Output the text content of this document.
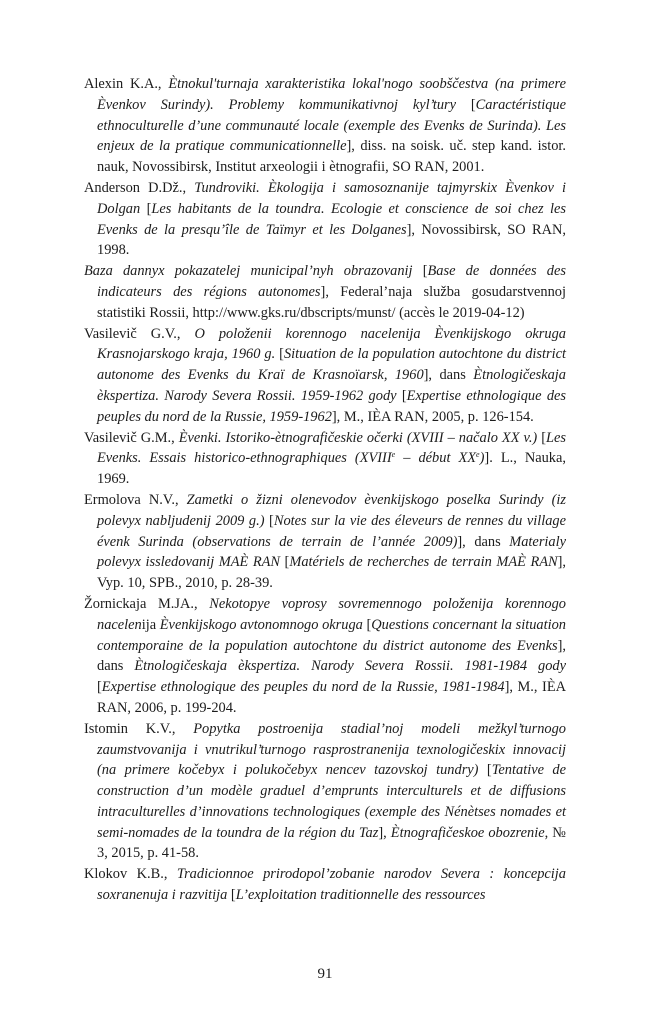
Alexin K.A., Ètnokul'turnaja xarakteristika lokal'nogo soobščestva (na primere Èvenkov Surindy). Problemy kommunikativnoj kyl’tury [Caractéristique ethnoculturelle d’une communauté locale (exemple des Evenks de Surinda). Les enjeux de la pratique communicationnelle], diss. na soisk. uč. step kand. istor. nauk, Novossibirsk, Institut arxeologii i ètnografii, SO RAN, 2001.

Anderson D.Dž., Tundroviki. Èkologija i samosoznanije tajmyrskix Èvenkov i Dolgan [Les habitants de la toundra. Ecologie et conscience de soi chez les Evenks de la presqu’île de Taïmyr et les Dolganes], Novossibirsk, SO RAN, 1998.

Baza dannyx pokazatelej municipal’nyh obrazovanij [Base de données des indicateurs des régions autonomes], Federal’naja služba gosudarstvennoj statistiki Rossii, http://www.gks.ru/dbscripts/munst/ (accès le 2019-04-12)

Vasilevič G.V., O položenii korennogo nacelenija Èvenkijskogo okruga Krasnojarskogo kraja, 1960 g. [Situation de la population autochtone du district autonome des Evenks du Kraï de Krasnoïarsk, 1960], dans Ètnologičeskaja èkspertiza. Narody Severa Rossii. 1959-1962 gody [Expertise ethnologique des peuples du nord de la Russie, 1959-1962], M., IÈA RAN, 2005, p. 126-154.

Vasilevič G.M., Èvenki. Istoriko-ètnografičeskie očerki (XVIII – načalo XX v.) [Les Evenks. Essais historico-ethnographiques (XVIIIe – début XXe)]. L., Nauka, 1969.

Ermolova N.V., Zametki o žizni olenevodov èvenkijskogo poselka Surindy (iz polevyx nabljudenij 2009 g.) [Notes sur la vie des éleveurs de rennes du village évenk Surinda (observations de terrain de l’année 2009)], dans Materialy polevyx issledovanij MAÈ RAN [Matériels de recherches de terrain MAÈ RAN], Vyp. 10, SPB., 2010, p. 28-39.

Žornickaja M.JA., Nekotopye voprosy sovremennogo položenija korennogo nacelenija Èvenkijskogo avtonomnogo okruga [Questions concernant la situation contemporaine de la population autochtone du district autonome des Evenks], dans Ètnologičeskaja èkspertiza. Narody Severa Rossii. 1981-1984 gody [Expertise ethnologique des peuples du nord de la Russie, 1981-1984], M., IÈA RAN, 2006, p. 199-204.

Istomin K.V., Popytka postroenija stadial’noj modeli mežkyl’turnogo zaumstvovanija i vnutrikul’turnogo rasprostranenija texnologičeskix innovacij (na primere kočebyx i polukočebyx nencev tazovskoj tundry) [Tentative de construction d’un modèle graduel d’emprunts interculturels et de diffusions intraculturelles d’innovations technologiques (exemple des Nénètses nomades et semi-nomades de la toundra de la région du Taz], Ètnografičeskoe obozrenie, № 3, 2015, p. 41-58.

Klokov K.B., Tradicionnoe prirodopol’zobanie narodov Severa : koncepcija soxranenuja i razvitija [L’exploitation traditionnelle des ressources

91
